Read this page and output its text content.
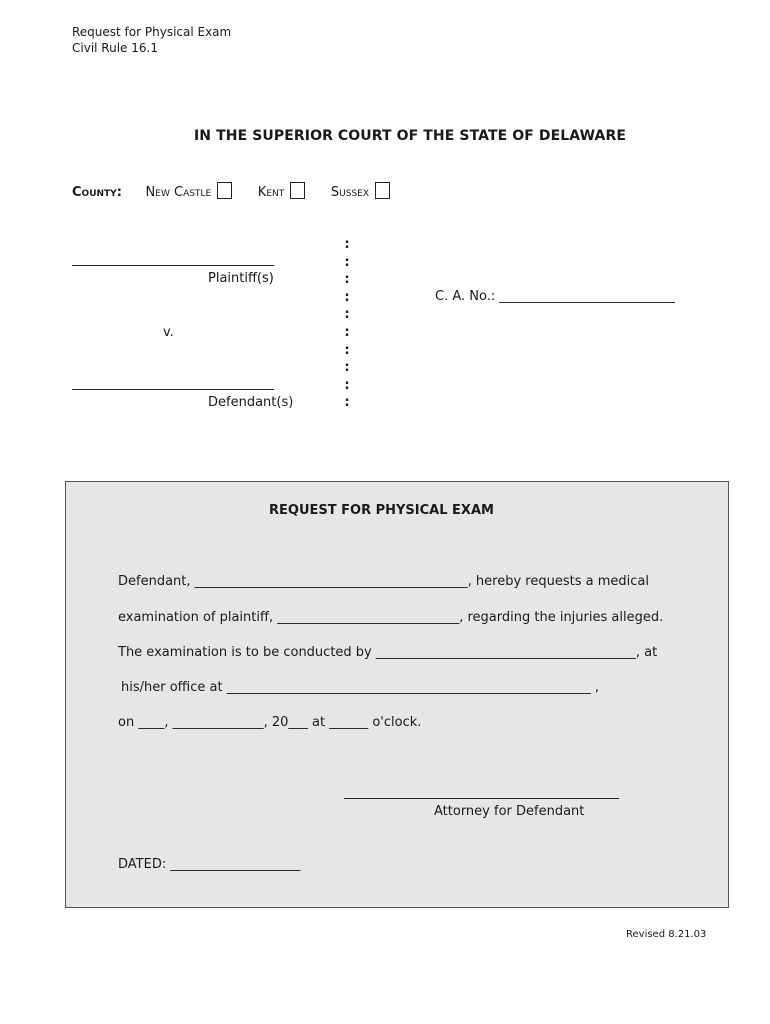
Request for Physical Exam
Civil Rule 16.1
IN THE SUPERIOR COURT OF THE STATE OF DELAWARE
County: New Castle	Kent	Sussex
Plaintiff(s)
v.
Defendant(s)
:
:
:
:
:
:
:
:
:
:
C. A. No.: ___________________________
REQUEST FOR PHYSICAL EXAM
Defendant, __________________________________________, hereby requests a medical
examination of plaintiff, ____________________________, regarding the injuries alleged.
The examination is to be conducted by ________________________________________, at
his/her office at ________________________________________________________ ,
on ____, ______________, 20___ at ______ o'clock.
Attorney for Defendant
DATED: ____________________
Revised 8.21.03
